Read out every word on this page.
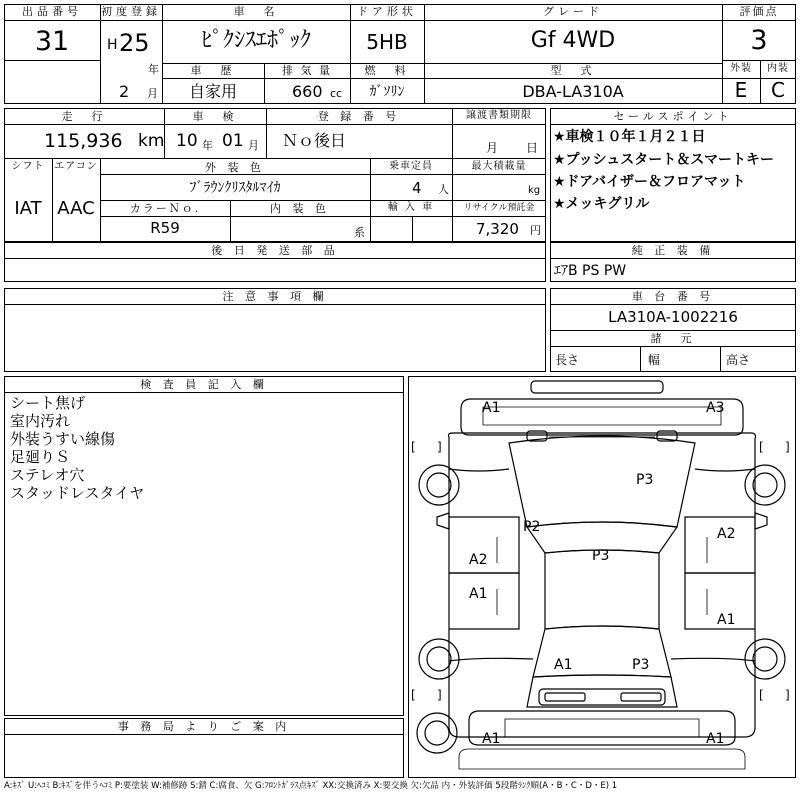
出品番号
31
初度登録
H 25
年
2 月
車　名
ﾋﾟｸｼｽｴﾎﾟｯｸ
ドア形状
5HB
グレード
Gf 4WD
評価点
3
車　歴
自家用
排 気 量
660 cc
燃　料
ｶﾞｿﾘﾝ
型　式
DBA-LA310A
外装
E
内装
C
走　行
115,936 km
車　検
10 年 01 月
登 録 番 号
Ｎｏ後日
譲渡書類期限
月 日
シフト
IAT
エアコン
AAC
外 装 色
ﾌﾞﾗｳﾝｸﾘｽﾀﾙﾏｲｶ
乗車定員
4 人
最大積載量
kg
カラーＮｏ.
R59
内 装 色
系
輸 入 車	リサイクル預託金
7,320 円
セールスポイント
★車検１０年１月２１日
★プッシュスタート＆スマートキー
★ドアバイザー＆フロアマット
★メッキグリル
後 日 発 送 部 品	純 正 装 備
ｴｱB PS PW
注 意 事 項 欄	車 台 番 号
LA310A-1002216
諸　元
長さ	幅	高さ
検 査 員 記 入 欄
シート焦げ
室内汚れ
外装うすい線傷
足廻りＳ
ステレオ穴
スタッドレスタイヤ
事 務 局 よ り ご 案 内
[ ]	[ ]
[ ]	[ ]
A1	A3
P3
P2
P3
A2
A1
A2
A1
A1	P3
A1	A1
A:ｷｽﾞ U:ﾍｺﾐ B:ｷｽﾞを伴うﾍｺﾐ P:要塗装 W:補修跡 S:錆 C:腐食、欠 G:ﾌﾛﾝﾄｶﾞﾗｽ点ｷｽﾞ XX:交換済み X:要交換 欠:欠品 内・外装評価 5段階ﾗﾝｸ順(A・B・C・D・E) 1
